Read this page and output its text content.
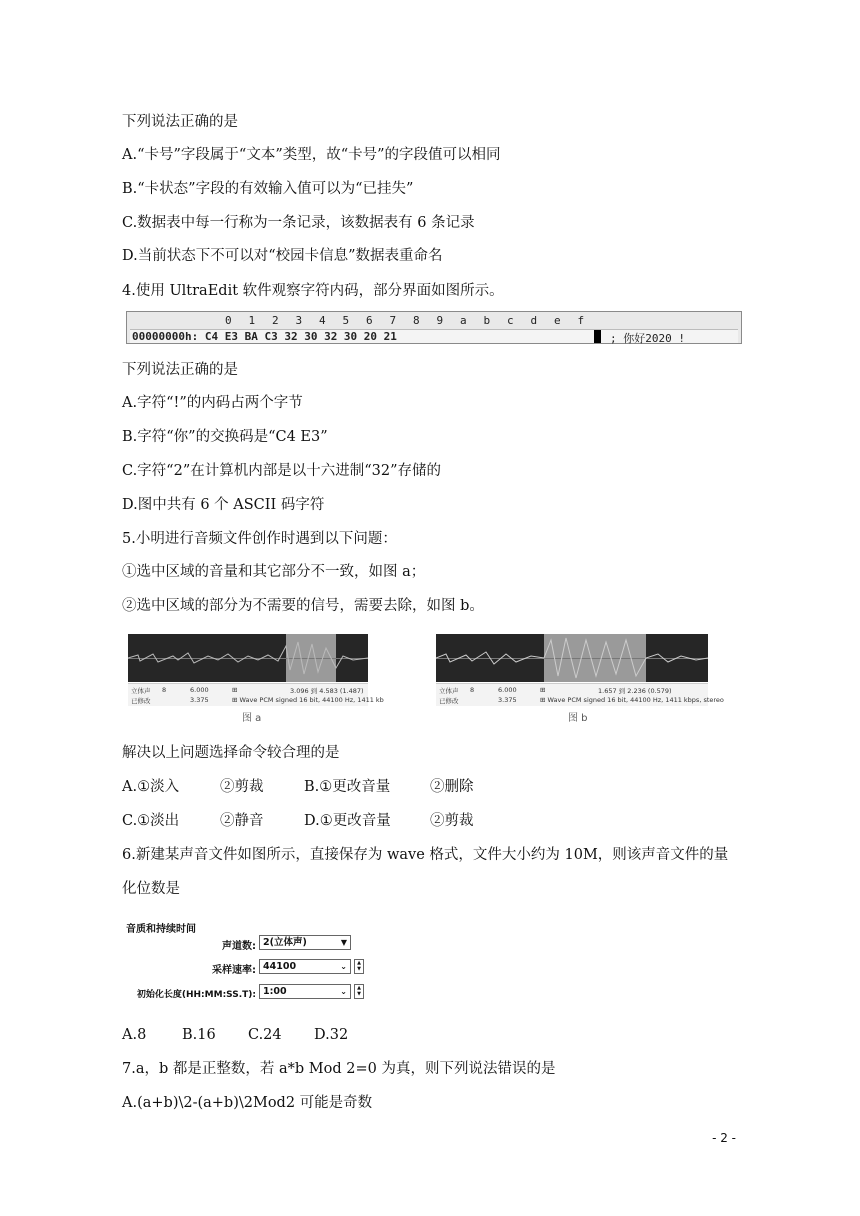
下列说法正确的是
A.“卡号”字段属于“文本”类型，故“卡号”的字段值可以相同
B.“卡状态”字段的有效输入值可以为“已挂失”
C.数据表中每一行称为一条记录，该数据表有 6 条记录
D.当前状态下不可以对“校园卡信息”数据表重命名
4.使用 UltraEdit 软件观察字符内码，部分界面如图所示。
0 1 2 3 4 5 6 7 8 9 a b c d e f
00000000h: C4 E3 BA C3 32 30 32 30 20 21	; 你好2020 !
下列说法正确的是
A.字符“!”的内码占两个字节
B.字符“你”的交换码是“C4 E3”
C.字符“2”在计算机内部是以十六进制“32”存储的
D.图中共有 6 个 ASCII 码字符
5.小明进行音频文件创作时遇到以下问题：
①选中区域的音量和其它部分不一致，如图 a；
②选中区域的部分为不需要的信号，需要去除，如图 b。
立体声 8	6.000	⊞	3.096 到 4.583 (1.487)
已修改	3.375	⊞ Wave PCM signed 16 bit, 44100 Hz, 1411 kb
图 a
立体声 8	6.000	⊞	1.657 到 2.236 (0.579)
已修改	3.375	⊞ Wave PCM signed 16 bit, 44100 Hz, 1411 kbps, stereo
图 b
解决以上问题选择命令较合理的是
A.①淡入	②剪裁	B.①更改音量	②删除
C.①淡出	②静音	D.①更改音量	②剪裁
6.新建某声音文件如图所示，直接保存为 wave 格式，文件大小约为 10M，则该声音文件的量
化位数是
音质和持续时间
声道数: 2(立体声)	▼
采样速率: 44100	⌄	▲
▼
初始化长度(HH:MM:SS.T): 1:00	⌄	▲
▼
A.8 B.16 C.24 D.32
7.a，b 都是正整数，若 a*b Mod 2=0 为真，则下列说法错误的是
A.(a+b)\2-(a+b)\2Mod2 可能是奇数
- 2 -
